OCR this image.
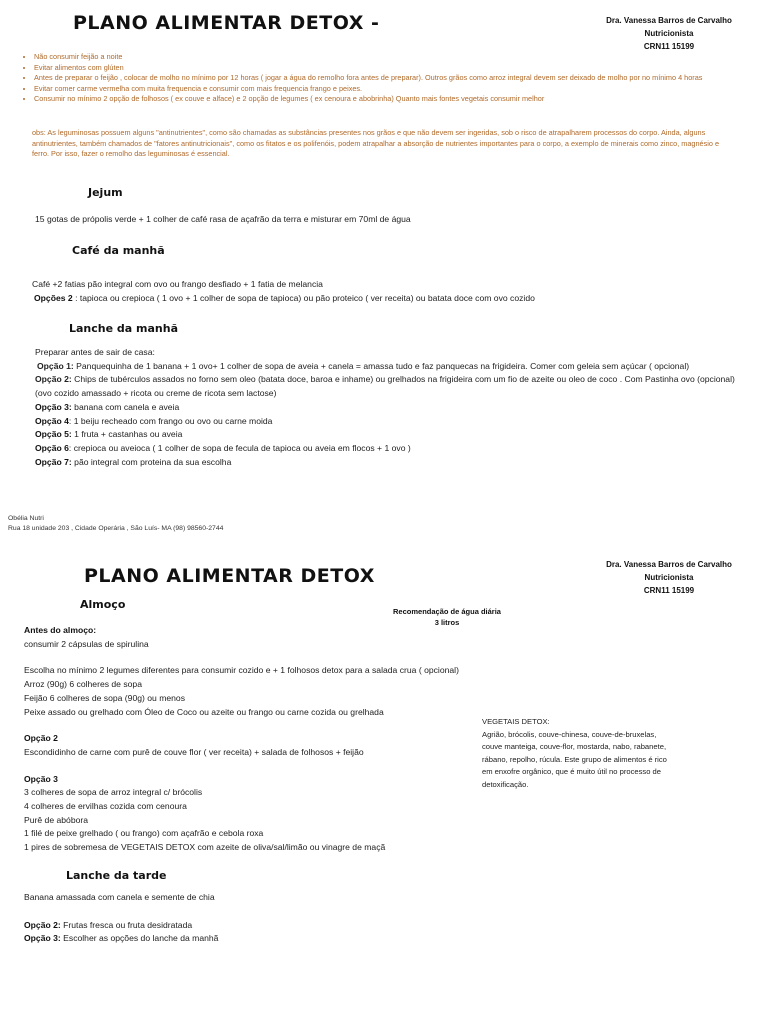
PLANO ALIMENTAR DETOX -	Dra. Vanessa Barros de Carvalho
Nutricionista
CRN11 15199
• Não consumir feijão a noite
• Evitar alimentos com glúten
• Antes de preparar o feijão , colocar de molho no mínimo por 12 horas ( jogar a água do remolho fora antes de preparar). Outros grãos como arroz integral devem ser deixado de molho por no mínimo 4 horas
• Evitar comer carme vermelha com muita frequencia e consumir com mais frequencia frango e peixes.
• Consumir no mínimo 2 opção de folhosos ( ex couve e alface) e 2 opção de legumes ( ex cenoura e abobrinha) Quanto mais fontes vegetais consumir melhor
obs: As leguminosas possuem alguns "antinutrientes", como são chamadas as substâncias presentes nos grãos e que não devem ser ingeridas, sob o risco de atrapalharem processos do corpo. Ainda, alguns antinutrientes, também chamados de "fatores antinutricionais", como os fitatos e os polifenóis, podem atrapalhar a absorção de nutrientes importantes para o corpo, a exemplo de minerais como zinco, magnésio e ferro. Por isso, fazer o remolho das leguminosas é essencial.
Jejum
15 gotas de própolis verde + 1 colher de café rasa de açafrão da terra e misturar em 70ml de água
Café da manhã
Café +2 fatias pão integral com ovo ou frango desfiado + 1 fatia de melancia
Opções 2 : tapioca ou crepioca ( 1 ovo + 1 colher de sopa de tapioca) ou pão proteico ( ver receita) ou batata doce com ovo cozido
Lanche da manhã
Preparar antes de sair de casa:
Opção 1: Panquequinha de 1 banana + 1 ovo+ 1 colher de sopa de aveia + canela = amassa tudo e faz panquecas na frigideira. Comer com geleia sem açúcar ( opcional)
Opção 2: Chips de tubérculos assados no forno sem oleo (batata doce, baroa e inhame) ou grelhados na frigideira com um fio de azeite ou oleo de coco . Com Pastinha ovo (opcional) (ovo cozido amassado + ricota ou creme de ricota sem lactose)
Opção 3: banana com canela e aveia
Opção 4: 1 beiju recheado com frango ou ovo ou carne moida
Opção 5: 1 fruta + castanhas ou aveia
Opção 6: crepioca ou aveioca ( 1 colher de sopa de fecula de tapioca ou aveia em flocos + 1 ovo )
Opção 7: pão integral com proteina da sua escolha
Obélia Nutri
Rua 18 unidade 203 , Cidade Operária , São Luís- MA (98) 98560-2744
PLANO ALIMENTAR DETOX
Dra. Vanessa Barros de Carvalho
Nutricionista
CRN11 15199
Almoço
Recomendação de água diária
3 litros
Antes do almoço:
consumir 2 cápsulas de spirulina
Escolha no mínimo 2 legumes diferentes para consumir cozido e + 1 folhosos detox para a salada crua ( opcional)
Arroz (90g) 6 colheres de sopa
Feijão 6 colheres de sopa (90g) ou menos
Peixe assado ou grelhado com Óleo de Coco ou azeite ou frango ou carne cozida ou grelhada
Opção 2
Escondidinho de carne com purê de couve flor ( ver receita) + salada de folhosos + feijão
Opção 3
3 colheres de sopa de arroz integral c/ brócolis
4 colheres de ervilhas cozida com cenoura
Purê de abóbora
1 filé de peixe grelhado ( ou frango) com açafrão e cebola roxa
1 pires de sobremesa de VEGETAIS DETOX com azeite de oliva/sal/limão ou vinagre de maçã
VEGETAIS DETOX:
Agrião, brócolis, couve-chinesa, couve-de-bruxelas,
couve manteiga, couve-flor, mostarda, nabo, rabanete,
rábano, repolho, rúcula. Este grupo de alimentos é rico
em enxofre orgânico, que é muito útil no processo de
detoxificação.
Lanche da tarde
Banana amassada com canela e semente de chia
Opção 2: Frutas fresca ou fruta desidratada
Opção 3: Escolher as opções do lanche da manhã
